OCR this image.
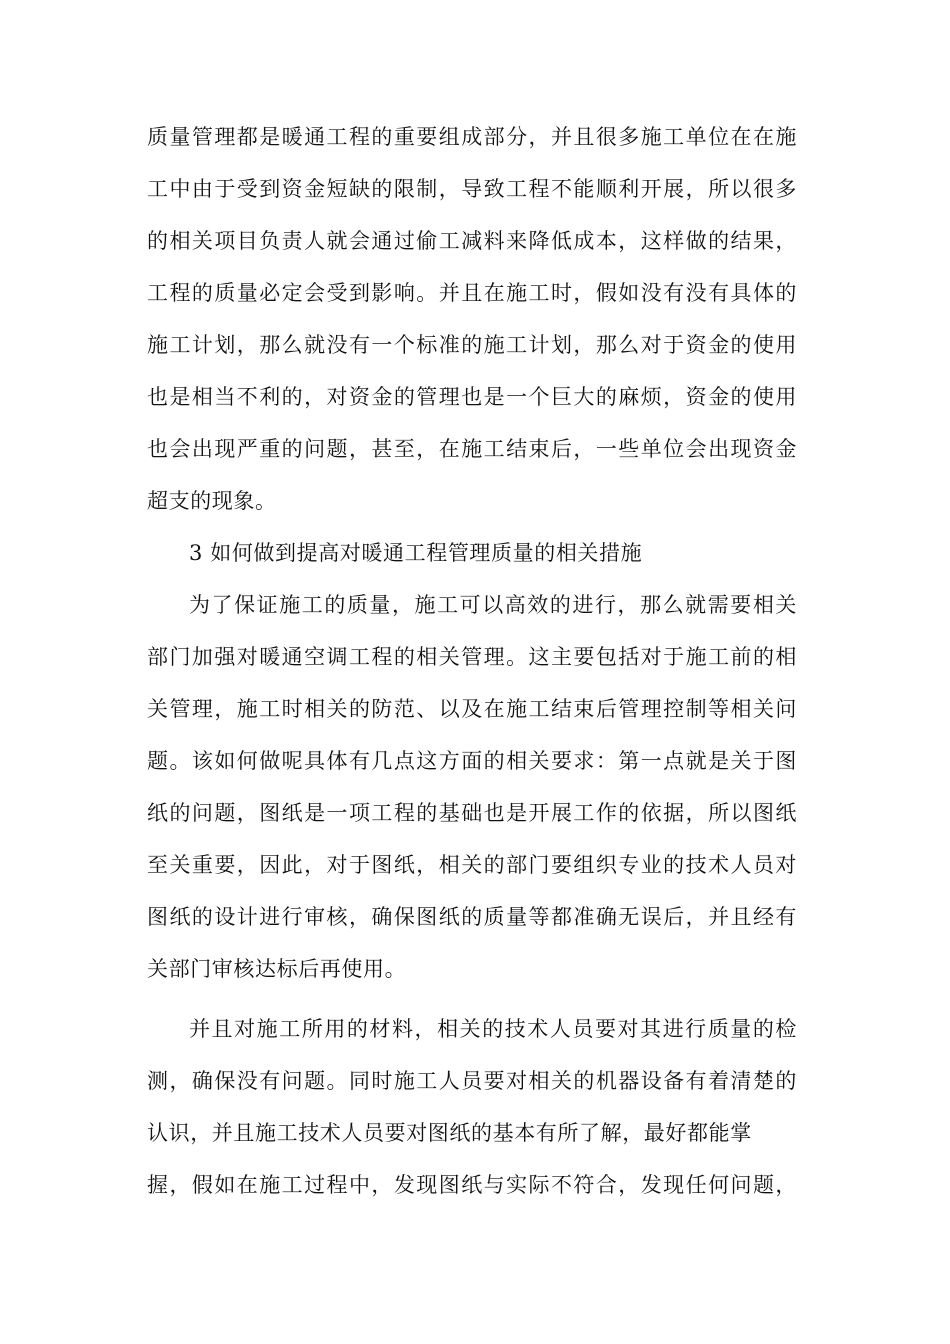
质量管理都是暖通工程的重要组成部分，并且很多施工单位在在施
工中由于受到资金短缺的限制，导致工程不能顺利开展，所以很多
的相关项目负责人就会通过偷工减料来降低成本，这样做的结果，
工程的质量必定会受到影响。并且在施工时，假如没有没有具体的
施工计划，那么就没有一个标准的施工计划，那么对于资金的使用
也是相当不利的，对资金的管理也是一个巨大的麻烦，资金的使用
也会出现严重的问题，甚至，在施工结束后，一些单位会出现资金
超支的现象。
3 如何做到提高对暖通工程管理质量的相关措施
为了保证施工的质量，施工可以高效的进行，那么就需要相关
部门加强对暖通空调工程的相关管理。这主要包括对于施工前的相
关管理，施工时相关的防范、以及在施工结束后管理控制等相关问
题。该如何做呢具体有几点这方面的相关要求：第一点就是关于图
纸的问题，图纸是一项工程的基础也是开展工作的依据，所以图纸
至关重要，因此，对于图纸，相关的部门要组织专业的技术人员对
图纸的设计进行审核，确保图纸的质量等都准确无误后，并且经有
关部门审核达标后再使用。
并且对施工所用的材料，相关的技术人员要对其进行质量的检
测，确保没有问题。同时施工人员要对相关的机器设备有着清楚的
认识，并且施工技术人员要对图纸的基本有所了解，最好都能掌
握，假如在施工过程中，发现图纸与实际不符合，发现任何问题，
